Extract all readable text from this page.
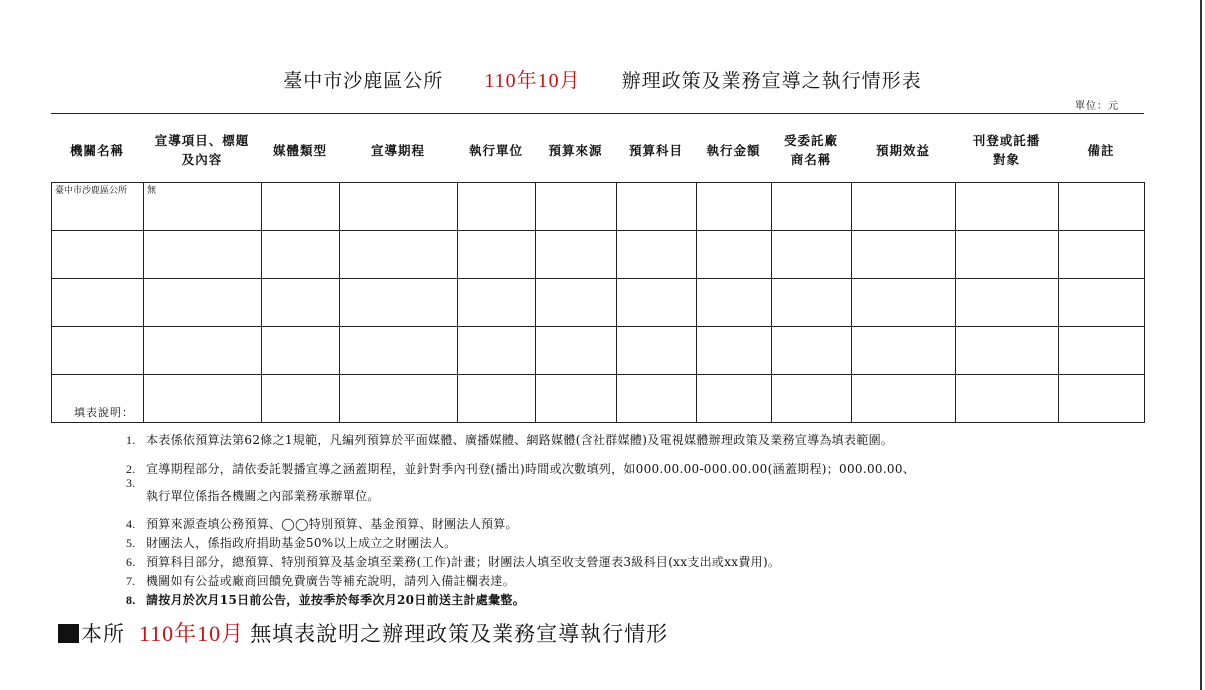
臺中市沙鹿區公所 110年10月 辦理政策及業務宣導之執行情形表
單位：元
機關名稱	宣導項目、標題及內容	媒體類型	宣導期程	執行單位	預算來源	預算科目	執行金額	受委託廠商名稱	預期效益	刊登或託播對象	備註
臺中市沙鹿區公所	無										

填表說明：
1. 本表係依預算法第62條之1規範，凡編列預算於平面媒體、廣播媒體、網路媒體(含社群媒體)及電視媒體辦理政策及業務宣導為填表範圍。
2. 宣導期程部分，請依委託製播宣導之涵蓋期程，並針對季內刊登(播出)時間或次數填列，如000.00.00-000.00.00(涵蓋期程)；000.00.00、
3.
執行單位係指各機關之內部業務承辦單位。
4. 預算來源查填公務預算、◯◯特別預算、基金預算、財團法人預算。
5. 財團法人，係指政府捐助基金50%以上成立之財團法人。
6. 預算科目部分，總預算、特別預算及基金填至業務(工作)計畫；財團法人填至收支營運表3級科目(xx支出或xx費用)。
7. 機關如有公益或廠商回饋免費廣告等補充說明，請列入備註欄表達。
8. 請按月於次月15日前公告，並按季於每季次月20日前送主計處彙整。
本所 110年10月 無填表說明之辦理政策及業務宣導執行情形
